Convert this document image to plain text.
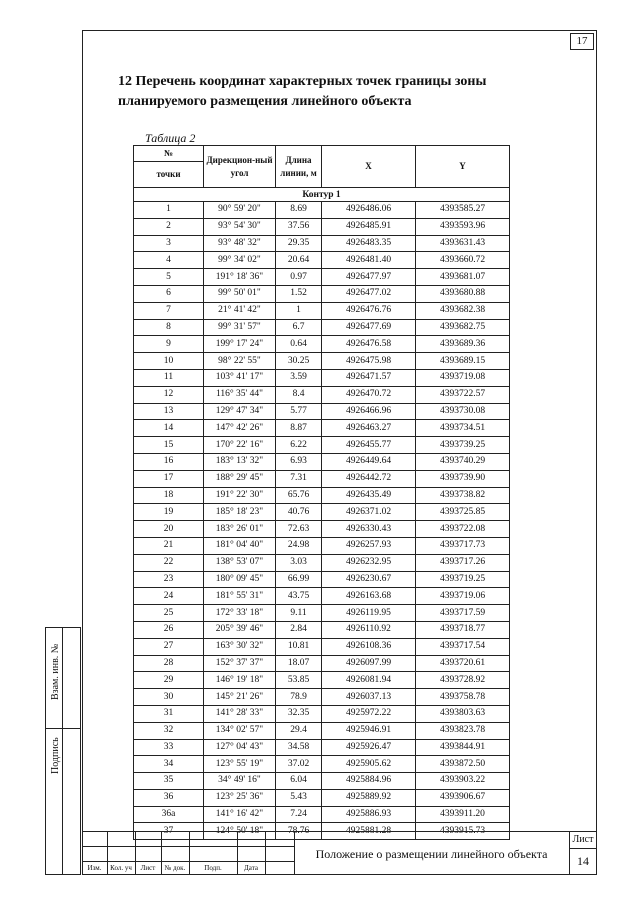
17
12 Перечень координат характерных точек границы зоны планируемого размещения линейного объекта
Таблица 2
№	Дирекцион-ный угол	Длина линии, м	X	Y
точки				
Контур 1				
1	90° 59' 20"	8.69	4926486.06	4393585.27
2	93° 54' 30"	37.56	4926485.91	4393593.96
3	93° 48' 32"	29.35	4926483.35	4393631.43
4	99° 34' 02"	20.64	4926481.40	4393660.72
5	191° 18' 36"	0.97	4926477.97	4393681.07
6	99° 50' 01"	1.52	4926477.02	4393680.88
7	21° 41' 42"	1	4926476.76	4393682.38
8	99° 31' 57"	6.7	4926477.69	4393682.75
9	199° 17' 24"	0.64	4926476.58	4393689.36
10	98° 22' 55"	30.25	4926475.98	4393689.15
11	103° 41' 17"	3.59	4926471.57	4393719.08
12	116° 35' 44"	8.4	4926470.72	4393722.57
13	129° 47' 34"	5.77	4926466.96	4393730.08
14	147° 42' 26"	8.87	4926463.27	4393734.51
15	170° 22' 16"	6.22	4926455.77	4393739.25
16	183° 13' 32"	6.93	4926449.64	4393740.29
17	188° 29' 45"	7.31	4926442.72	4393739.90
18	191° 22' 30"	65.76	4926435.49	4393738.82
19	185° 18' 23"	40.76	4926371.02	4393725.85
20	183° 26' 01"	72.63	4926330.43	4393722.08
21	181° 04' 40"	24.98	4926257.93	4393717.73
22	138° 53' 07"	3.03	4926232.95	4393717.26
23	180° 09' 45"	66.99	4926230.67	4393719.25
24	181° 55' 31"	43.75	4926163.68	4393719.06
25	172° 33' 18"	9.11	4926119.95	4393717.59
26	205° 39' 46"	2.84	4926110.92	4393718.77
27	163° 30' 32"	10.81	4926108.36	4393717.54
28	152° 37' 37"	18.07	4926097.99	4393720.61
29	146° 19' 18"	53.85	4926081.94	4393728.92
30	145° 21' 26"	78.9	4926037.13	4393758.78
31	141° 28' 33"	32.35	4925972.22	4393803.63
32	134° 02' 57"	29.4	4925946.91	4393823.78
33	127° 04' 43"	34.58	4925926.47	4393844.91
34	123° 55' 19"	37.02	4925905.62	4393872.50
35	34° 49' 16"	6.04	4925884.96	4393903.22
36	123° 25' 36"	5.43	4925889.92	4393906.67
36а	141° 16' 42"	7.24	4925886.93	4393911.20
37	124° 50' 18"	78.76	4925881.28	4393915.73
Взам. инв. №
Подпись
Изм.	Кол. уч	Лист	№ док.	Подп.	Дата
Положение о размещении линейного объекта
Лист
14
